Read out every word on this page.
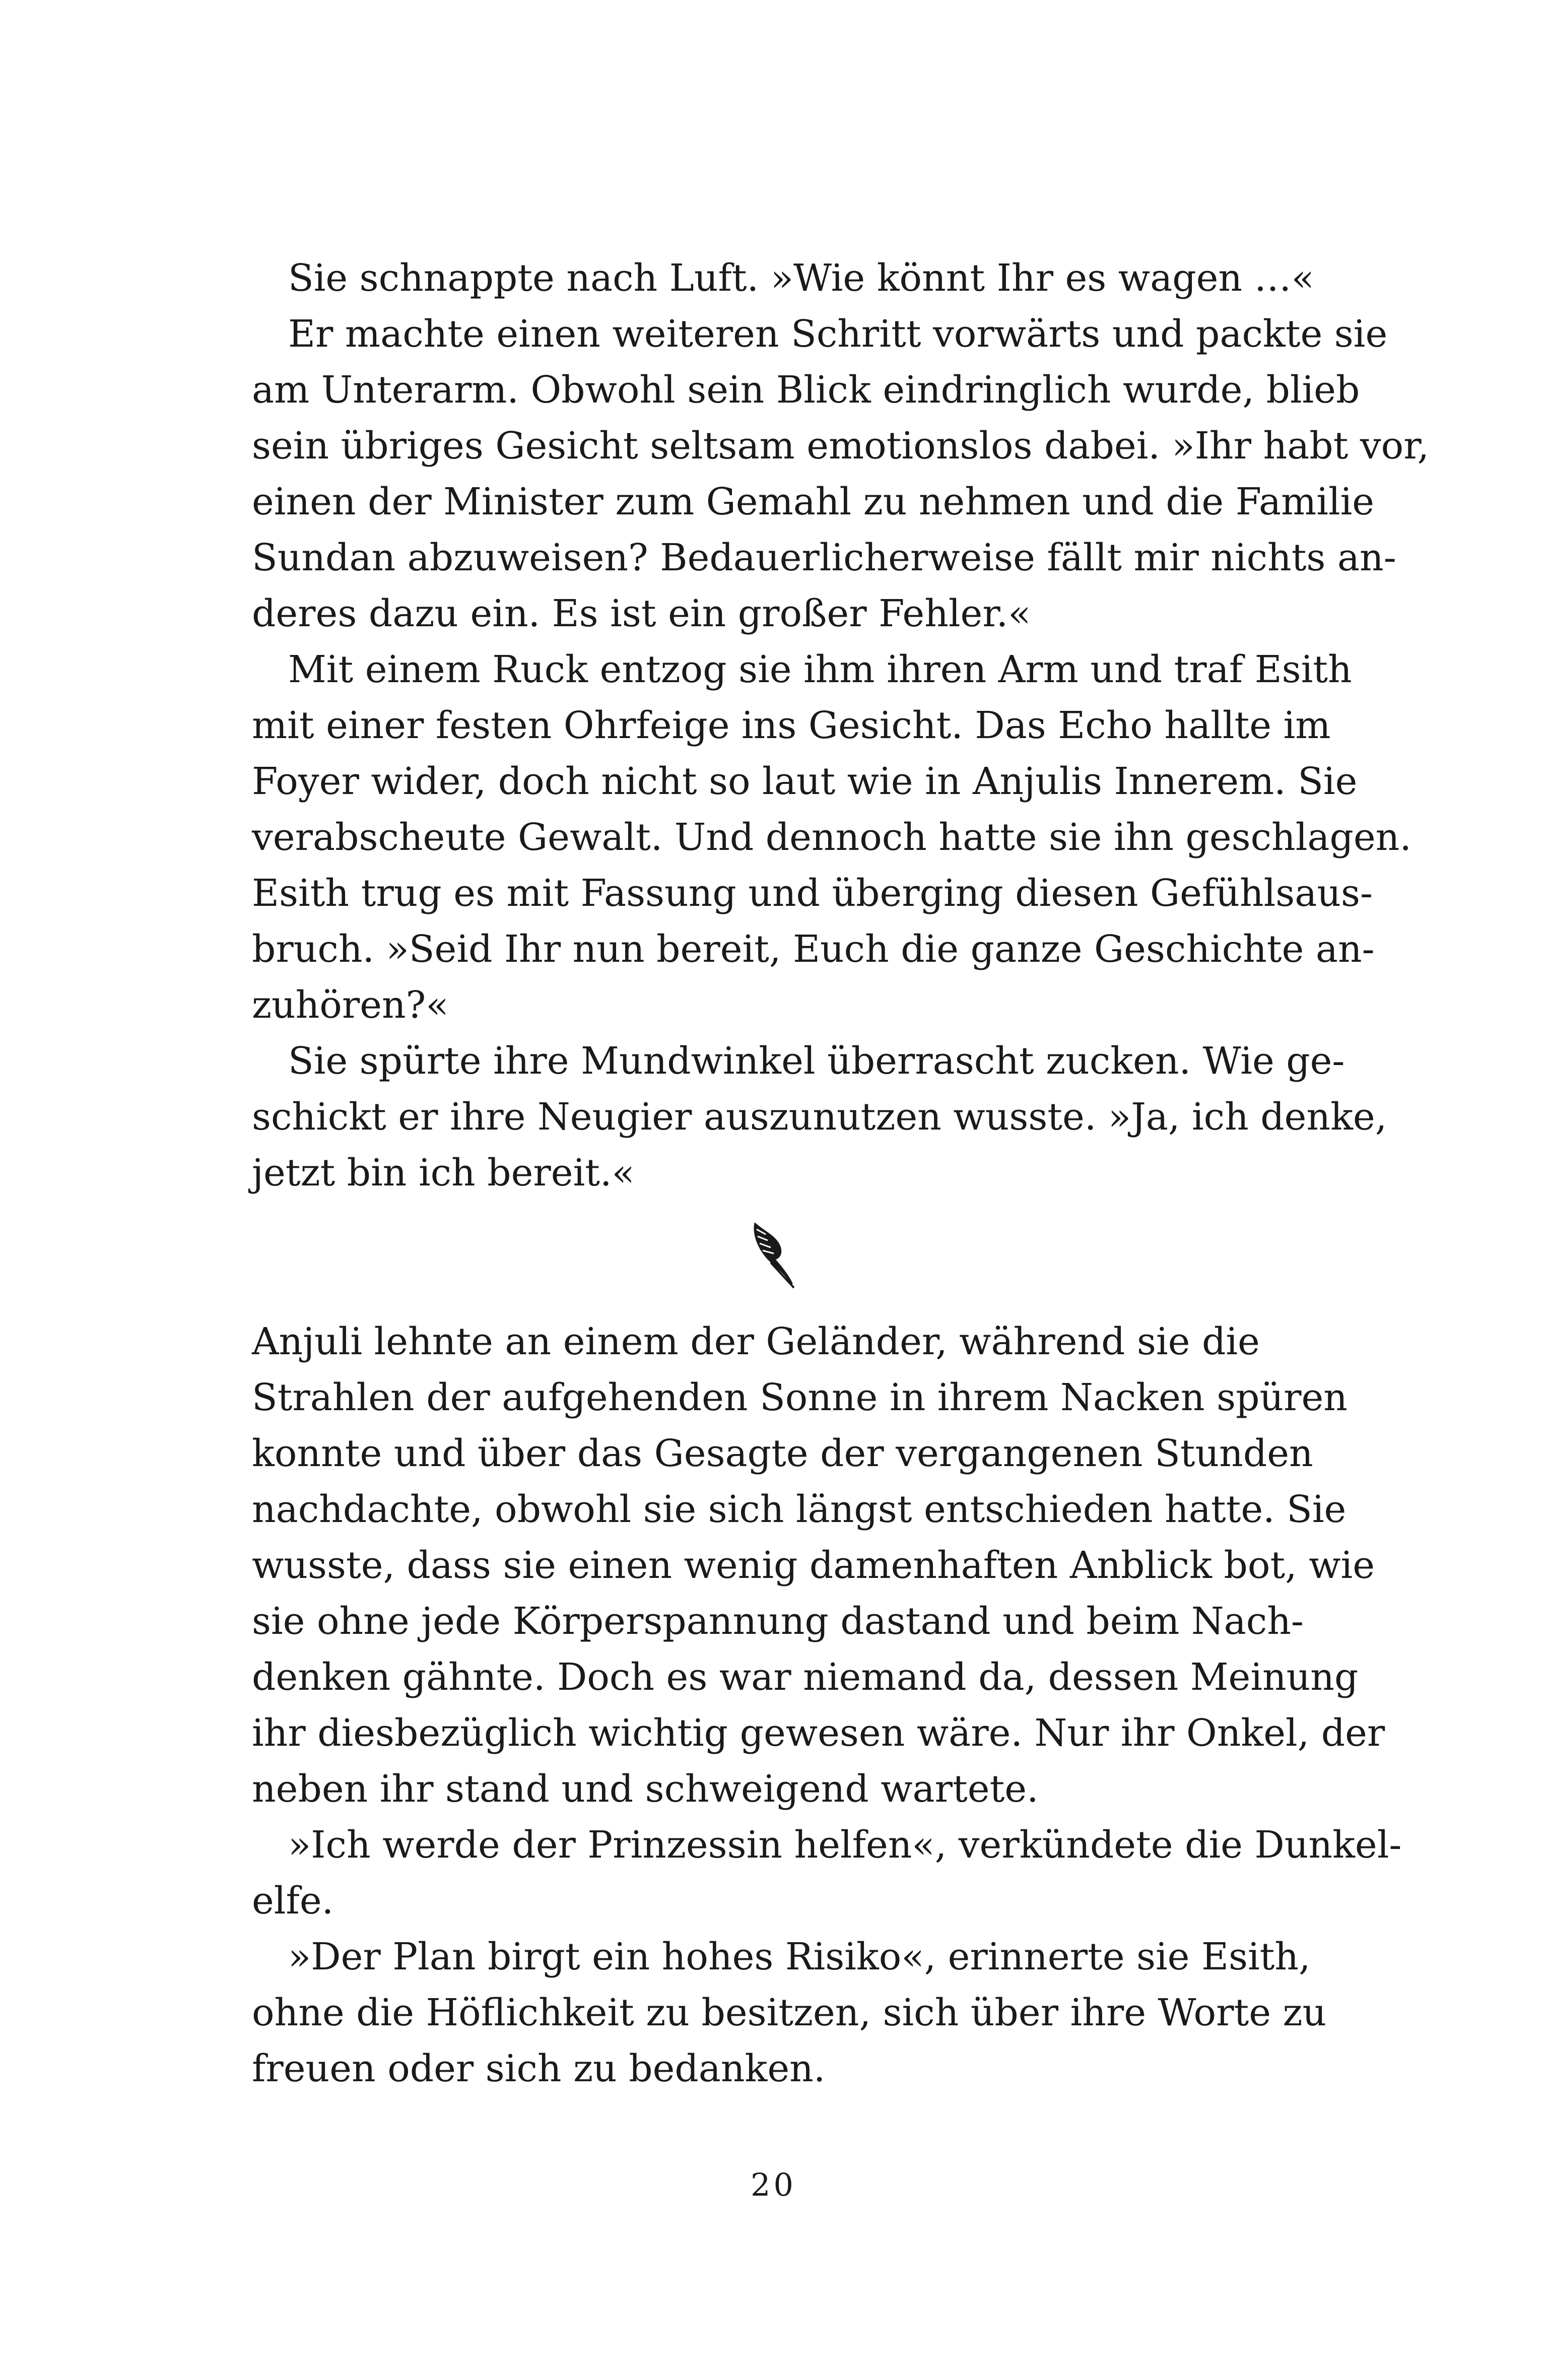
Sie schnappte nach Luft. »Wie könnt Ihr es wagen …«
Er machte einen weiteren Schritt vorwärts und packte sie
am Unterarm. Obwohl sein Blick eindringlich wurde, blieb
sein übriges Gesicht seltsam emotionslos dabei. »Ihr habt vor,
einen der Minister zum Gemahl zu nehmen und die Familie
Sundan abzuweisen? Bedauerlicherweise fällt mir nichts an-
deres dazu ein. Es ist ein großer Fehler.«
Mit einem Ruck entzog sie ihm ihren Arm und traf Esith
mit einer festen Ohrfeige ins Gesicht. Das Echo hallte im
Foyer wider, doch nicht so laut wie in Anjulis Innerem. Sie
verabscheute Gewalt. Und dennoch hatte sie ihn geschlagen.
Esith trug es mit Fassung und überging diesen Gefühlsaus-
bruch. »Seid Ihr nun bereit, Euch die ganze Geschichte an-
zuhören?«
Sie spürte ihre Mundwinkel überrascht zucken. Wie ge-
schickt er ihre Neugier auszunutzen wusste. »Ja, ich denke,
jetzt bin ich bereit.«
Anjuli lehnte an einem der Geländer, während sie die
Strahlen der aufgehenden Sonne in ihrem Nacken spüren
konnte und über das Gesagte der vergangenen Stunden
nachdachte, obwohl sie sich längst entschieden hatte. Sie
wusste, dass sie einen wenig damenhaften Anblick bot, wie
sie ohne jede Körperspannung dastand und beim Nach-
denken gähnte. Doch es war niemand da, dessen Meinung
ihr diesbezüglich wichtig gewesen wäre. Nur ihr Onkel, der
neben ihr stand und schweigend wartete.
»Ich werde der Prinzessin helfen«, verkündete die Dunkel-
elfe.
»Der Plan birgt ein hohes Risiko«, erinnerte sie Esith,
ohne die Höflichkeit zu besitzen, sich über ihre Worte zu
freuen oder sich zu bedanken.
20
